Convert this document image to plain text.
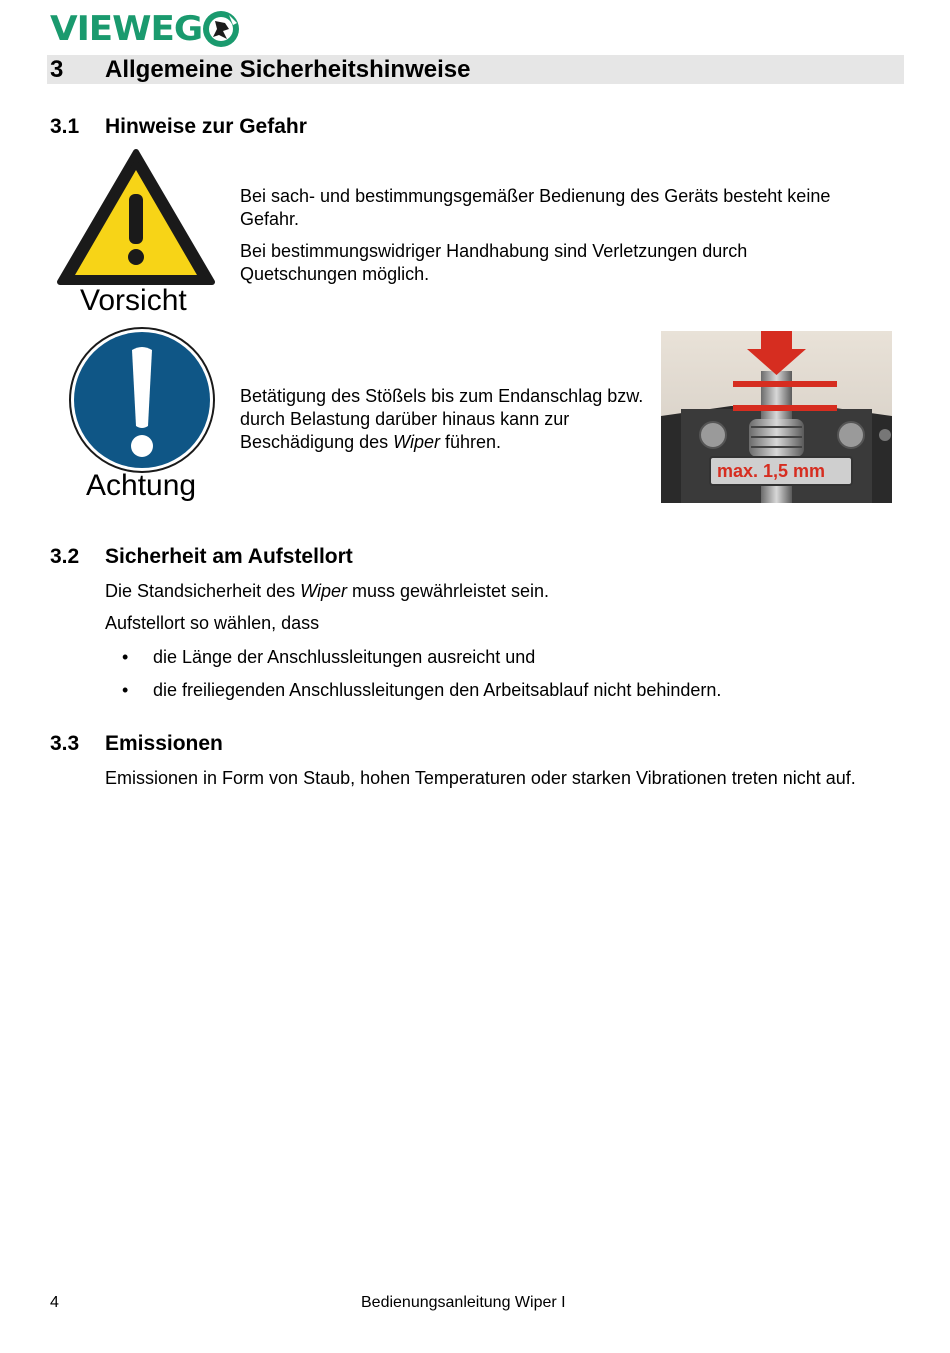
VIEWEG
3 Allgemeine Sicherheitshinweise
3.1 Hinweise zur Gefahr
Vorsicht
Bei sach- und bestimmungsgemäßer Bedienung des Geräts besteht keine Gefahr.
Bei bestimmungswidriger Handhabung sind Verletzungen durch Quetschungen möglich.
Achtung
Betätigung des Stößels bis zum Endanschlag bzw. durch Belastung darüber hinaus kann zur Beschädigung des Wiper führen.
max. 1,5 mm
3.2 Sicherheit am Aufstellort
Die Standsicherheit des Wiper muss gewährleistet sein.
Aufstellort so wählen, dass
• die Länge der Anschlussleitungen ausreicht und
• die freiliegenden Anschlussleitungen den Arbeitsablauf nicht behindern.
3.3 Emissionen
Emissionen in Form von Staub, hohen Temperaturen oder starken Vibrationen treten nicht auf.
4	Bedienungsanleitung Wiper I
